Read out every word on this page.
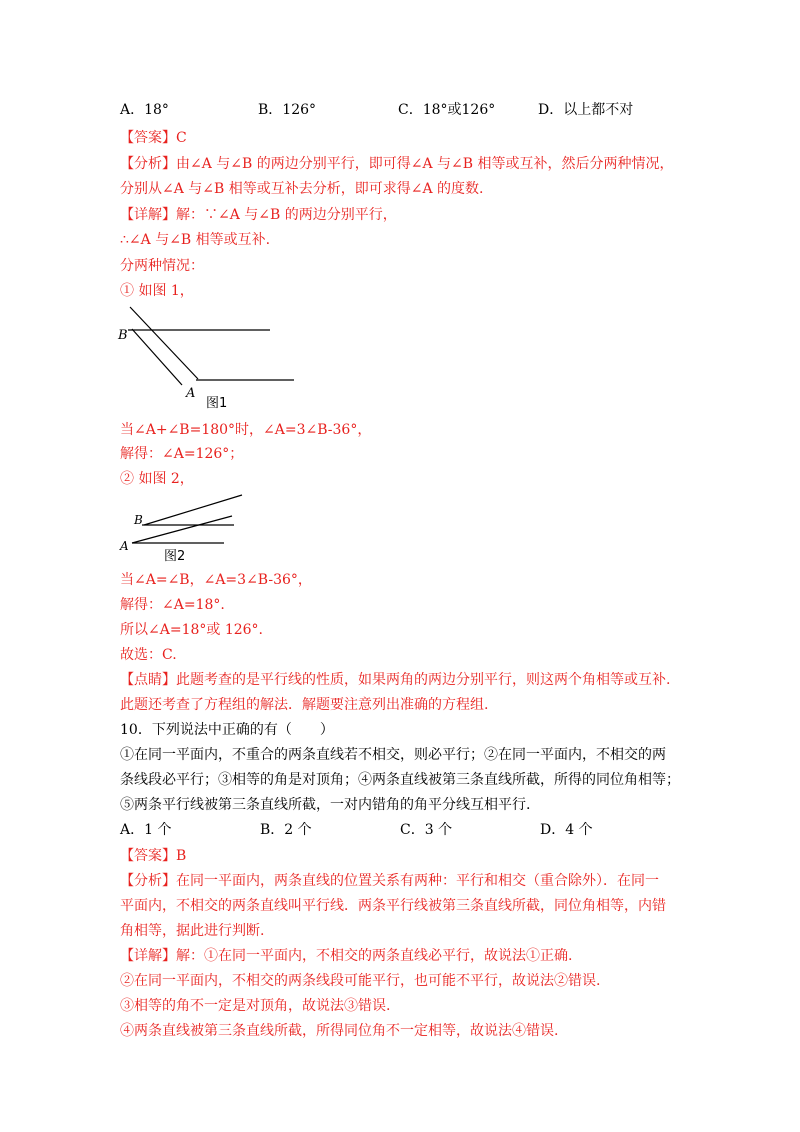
A．18°	B．126°	C．18°或126°	D．以上都不对
【答案】C
【分析】由∠A 与∠B 的两边分别平行，即可得∠A 与∠B 相等或互补，然后分两种情况，
分别从∠A 与∠B 相等或互补去分析，即可求得∠A 的度数.
【详解】解：∵∠A 与∠B 的两边分别平行，
∴∠A 与∠B 相等或互补.
分两种情况：
① 如图 1，
B
A
图1
当∠A+∠B=180°时，∠A=3∠B-36°，
解得：∠A=126°；
② 如图 2，
B
A
图2
当∠A=∠B，∠A=3∠B-36°，
解得：∠A=18°.
所以∠A=18°或 126°.
故选：C.
【点睛】此题考查的是平行线的性质，如果两角的两边分别平行，则这两个角相等或互补.
此题还考查了方程组的解法．解题要注意列出准确的方程组.
10．下列说法中正确的有（　　）
①在同一平面内，不重合的两条直线若不相交，则必平行；②在同一平面内，不相交的两
条线段必平行；③相等的角是对顶角；④两条直线被第三条直线所截，所得的同位角相等；
⑤两条平行线被第三条直线所截，一对内错角的角平分线互相平行.
A．1 个	B．2 个	C．3 个	D．4 个
【答案】B
【分析】在同一平面内，两条直线的位置关系有两种：平行和相交（重合除外）．在同一
平面内，不相交的两条直线叫平行线．两条平行线被第三条直线所截，同位角相等，内错
角相等，据此进行判断.
【详解】解：①在同一平面内，不相交的两条直线必平行，故说法①正确.
②在同一平面内，不相交的两条线段可能平行，也可能不平行，故说法②错误.
③相等的角不一定是对顶角，故说法③错误.
④两条直线被第三条直线所截，所得同位角不一定相等，故说法④错误.
